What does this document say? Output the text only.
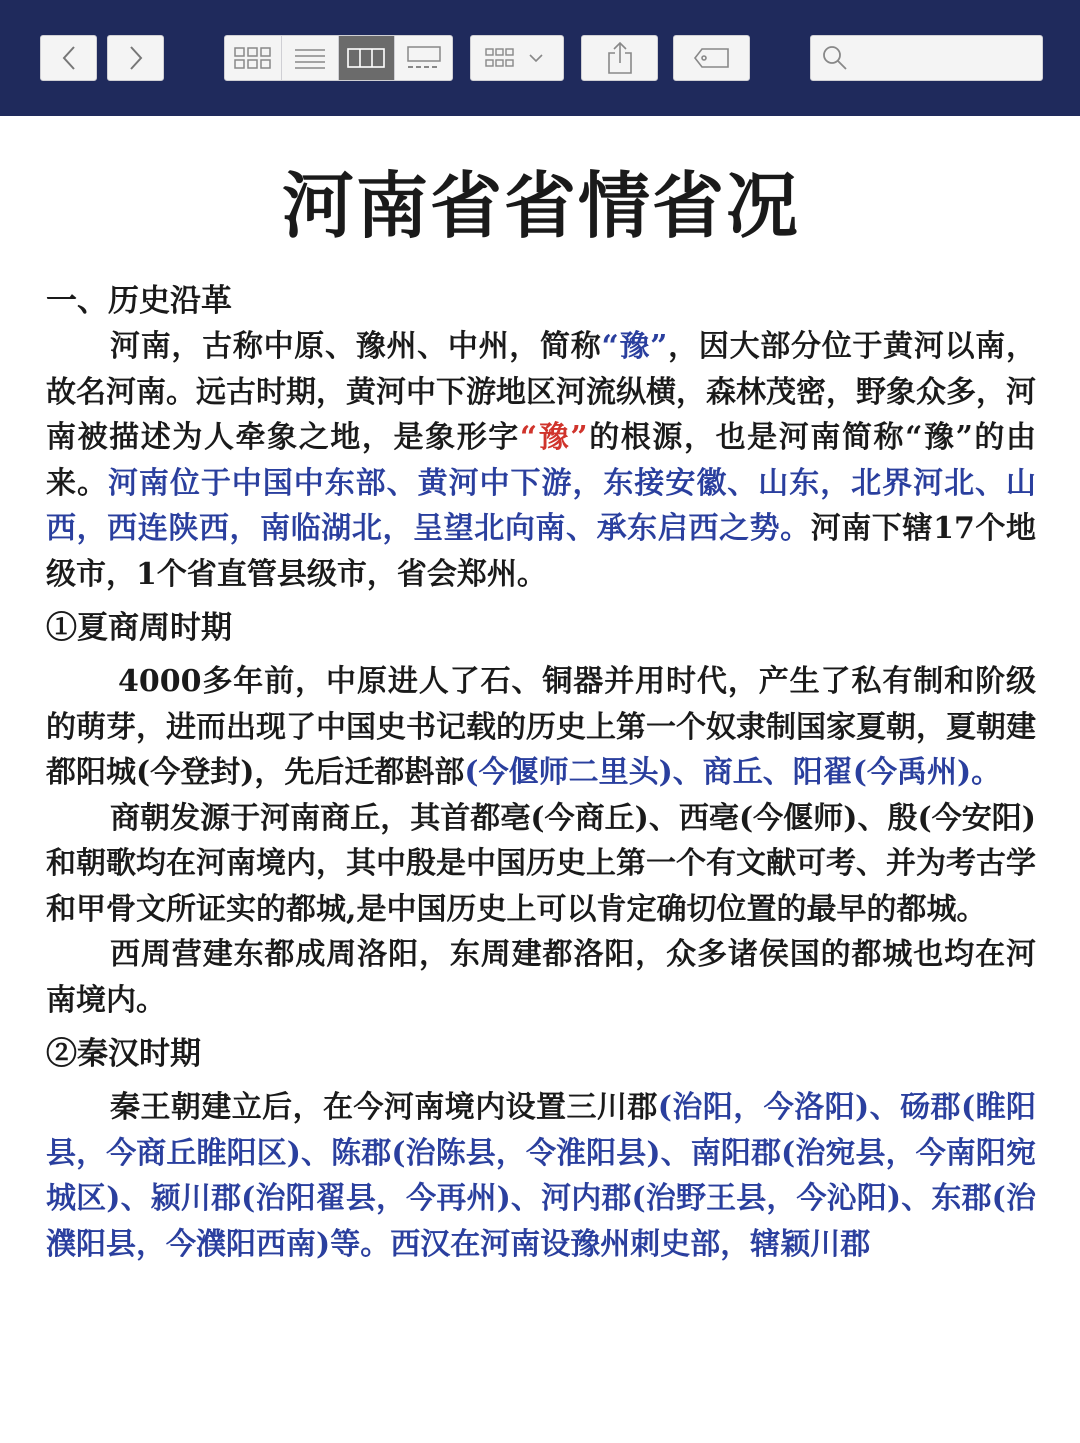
河南省省情省况

一、历史沿革

河南，古称中原、豫州、中州，简称“豫”，因大部分位于黄河以南，故名河南。远古时期，黄河中下游地区河流纵横，森林茂密，野象众多，河南被描述为人牵象之地，是象形字“豫”的根源，也是河南简称“豫”的由来。河南位于中国中东部、黄河中下游，东接安徽、山东，北界河北、山西，西连陕西，南临湖北，呈望北向南、承东启西之势。河南下辖17个地级市，1个省直管县级市，省会郑州。

①夏商周时期

4000多年前，中原进人了石、铜器并用时代，产生了私有制和阶级的萌芽，进而出现了中国史书记载的历史上第一个奴隶制国家夏朝，夏朝建都阳城(今登封)，先后迁都斟部(今偃师二里头)、商丘、阳翟(今禹州)。

商朝发源于河南商丘，其首都亳(今商丘)、西亳(今偃师)、殷(今安阳)和朝歌均在河南境内，其中殷是中国历史上第一个有文献可考、并为考古学和甲骨文所证实的都城,是中国历史上可以肯定确切位置的最早的都城。

西周营建东都成周洛阳，东周建都洛阳，众多诸侯国的都城也均在河南境内。

②秦汉时期

秦王朝建立后，在今河南境内设置三川郡(治阳，今洛阳)、砀郡(睢阳县，今商丘睢阳区)、陈郡(治陈县，令淮阳县)、南阳郡(治宛县，今南阳宛城区)、颍川郡(治阳翟县，今再州)、河内郡(治野王县，今沁阳)、东郡(治濮阳县，今濮阳西南)等。西汉在河南设豫州刺史部，辖颖川郡
